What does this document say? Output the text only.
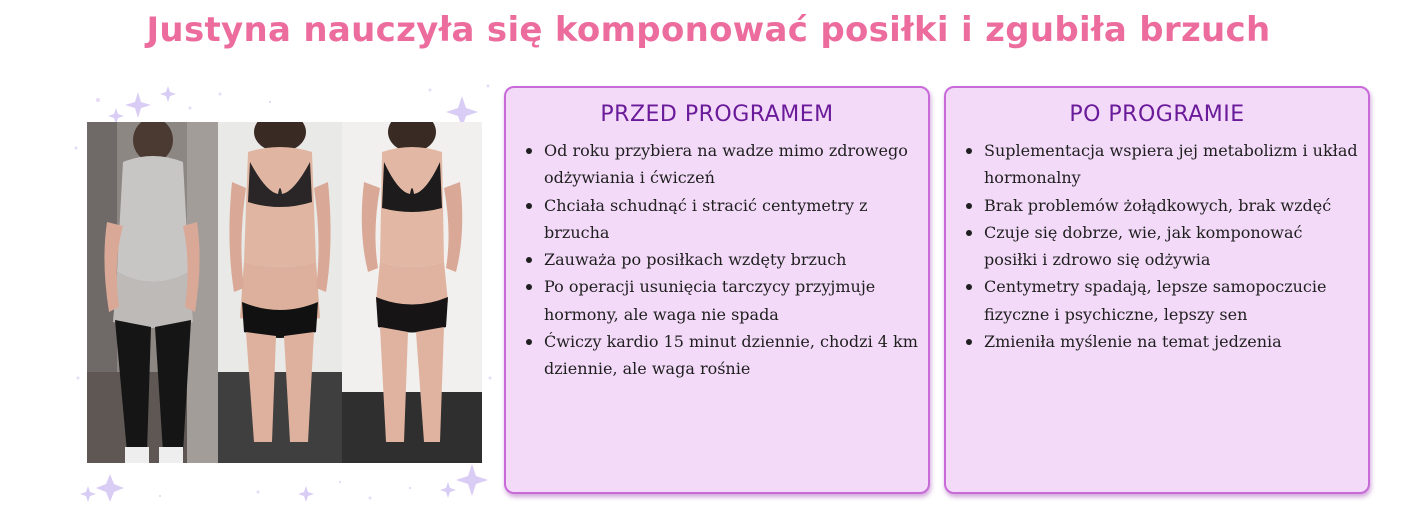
Justyna nauczyła się komponować posiłki i zgubiła brzuch
PRZED PROGRAMEM
Od roku przybiera na wadze mimo zdrowego odżywiania i ćwiczeń
Chciała schudnąć i stracić centymetry z brzucha
Zauważa po posiłkach wzdęty brzuch
Po operacji usunięcia tarczycy przyjmuje hormony, ale waga nie spada
Ćwiczy kardio 15 minut dziennie, chodzi 4 km dziennie, ale waga rośnie
PO PROGRAMIE
Suplementacja wspiera jej metabolizm i układ hormonalny
Brak problemów żołądkowych, brak wzdęć
Czuje się dobrze, wie, jak komponować posiłki i zdrowo się odżywia
Centymetry spadają, lepsze samopoczucie fizyczne i psychiczne, lepszy sen
Zmieniła myślenie na temat jedzenia
